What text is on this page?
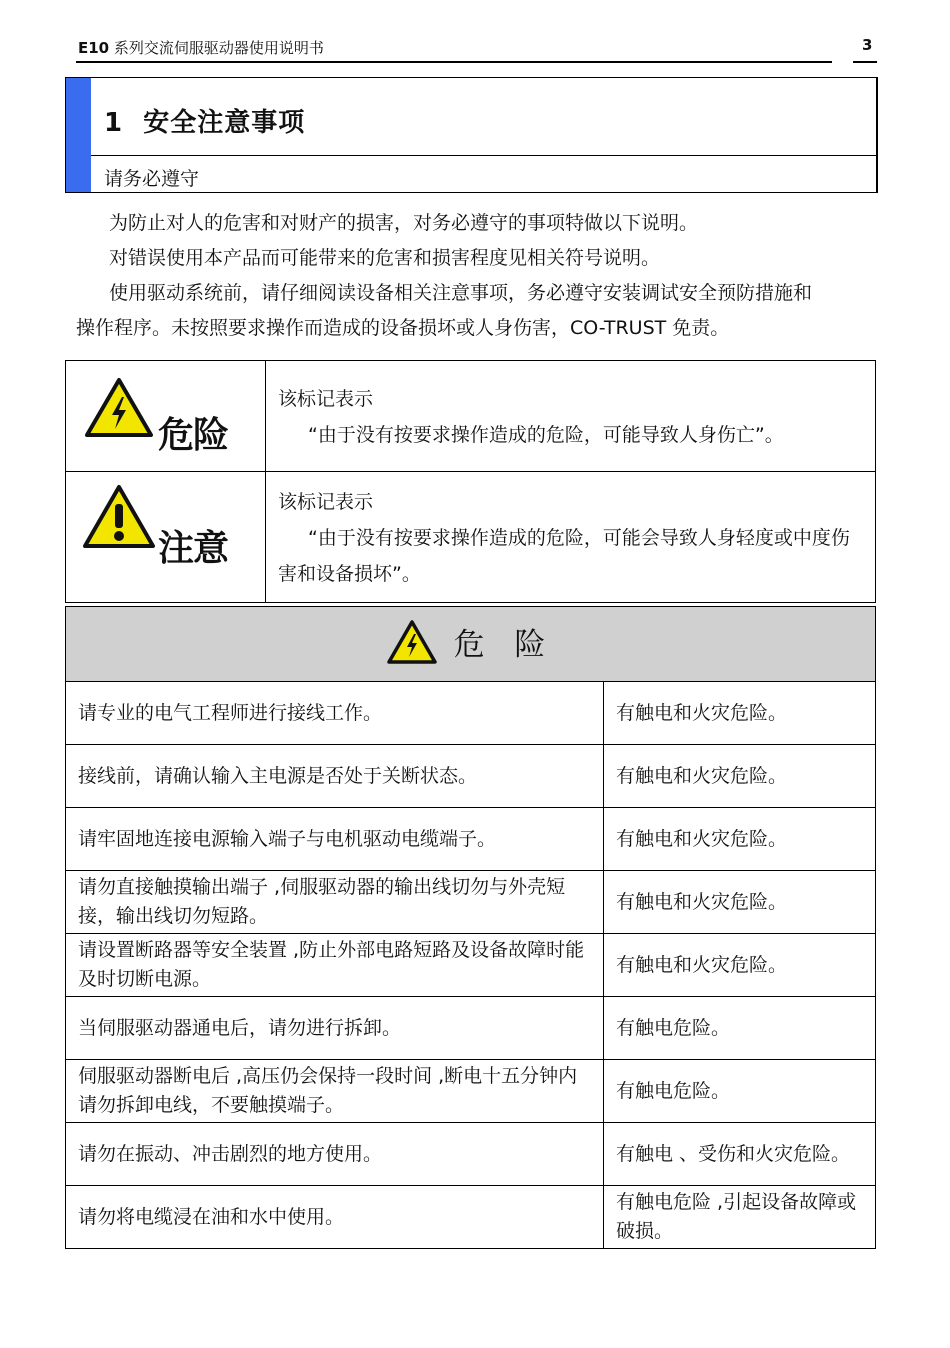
E10 系列交流伺服驱动器使用说明书	3
1  安全注意事项
请务必遵守
为防止对人的危害和对财产的损害，对务必遵守的事项特做以下说明。
对错误使用本产品而可能带来的危害和损害程度见相关符号说明。
使用驱动系统前，请仔细阅读设备相关注意事项，务必遵守安装调试安全预防措施和
操作程序。未按照要求操作而造成的设备损坏或人身伤害，CO-TRUST 免责。
危险	该标记表示
“由于没有按要求操作造成的危险，可能导致人身伤亡”。

注意	该标记表示
“由于没有按要求操作造成的危险，可能会导致人身轻度或中度伤害和设备损坏”。
危 险	

请专业的电气工程师进行接线工作。	有触电和火灾危险。
接线前，请确认输入主电源是否处于关断状态。	有触电和火灾危险。
请牢固地连接电源输入端子与电机驱动电缆端子。	有触电和火灾危险。
请勿直接触摸输出端子 ,伺服驱动器的输出线切勿与外壳短接，输出线切勿短路。	有触电和火灾危险。
请设置断路器等安全装置 ,防止外部电路短路及设备故障时能及时切断电源。	有触电和火灾危险。
当伺服驱动器通电后，请勿进行拆卸。	有触电危险。
伺服驱动器断电后 ,高压仍会保持一段时间 ,断电十五分钟内请勿拆卸电线，不要触摸端子。	有触电危险。
请勿在振动、冲击剧烈的地方使用。	有触电 、受伤和火灾危险。
请勿将电缆浸在油和水中使用。	有触电危险 ,引起设备故障或破损。
